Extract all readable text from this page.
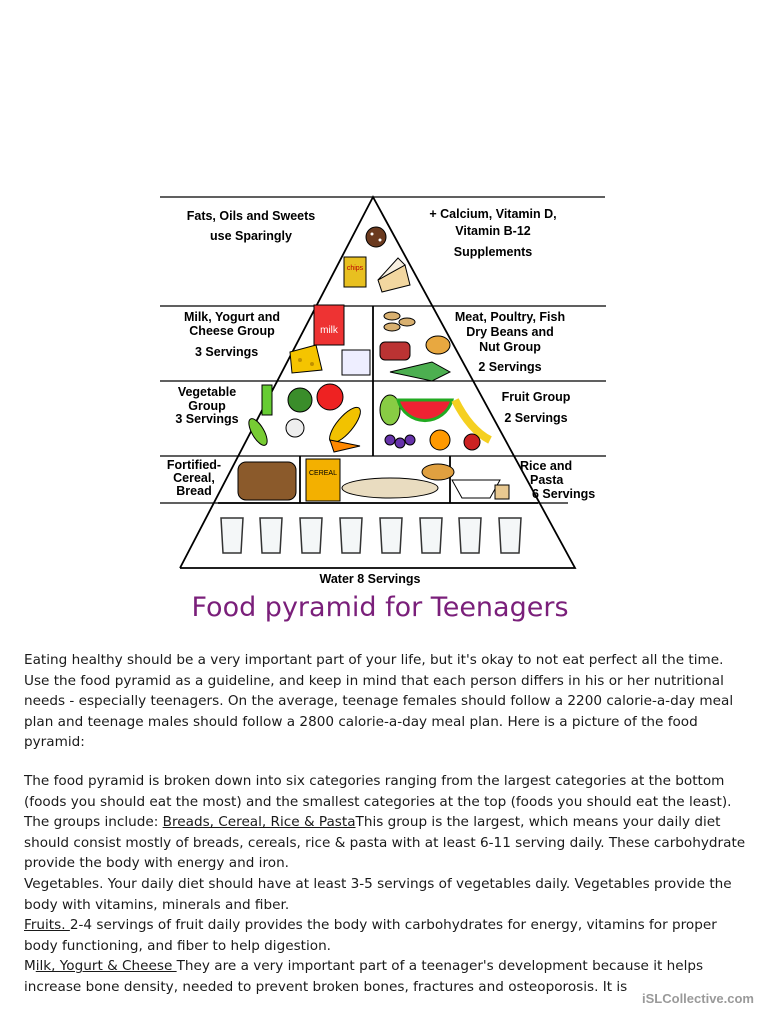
chips
milk
CEREAL
Fats, Oils and Sweets
use Sparingly
+ Calcium, Vitamin D,
Vitamin B-12
Supplements
Milk, Yogurt and
Cheese Group
3 Servings
Meat, Poultry, Fish
Dry Beans and
Nut Group
2 Servings
Vegetable
Group
3 Servings
Fruit Group
2 Servings
Fortified-
Cereal,
Bread
Rice and
Pasta
6 Servings
Water 8 Servings
Food pyramid for Teenagers

Eating healthy should be a very important part of your life, but it's okay to not eat perfect all the time. Use the food pyramid as a guideline, and keep in mind that each person differs in his or her nutritional needs - especially teenagers. On the average, teenage females should follow a 2200 calorie-a-day meal plan and teenage males should follow a 2800 calorie-a-day meal plan. Here is a picture of the food pyramid:

The food pyramid is broken down into six categories ranging from the largest categories at the bottom (foods you should eat the most) and the smallest categories at the top (foods you should eat the least). The groups include: Breads, Cereal, Rice & PastaThis group is the largest, which means your daily diet should consist mostly of breads, cereals, rice & pasta with at least 6-11 serving daily. These carbohydrate provide the body with energy and iron.

Vegetables. Your daily diet should have at least 3-5 servings of vegetables daily. Vegetables provide the body with vitamins, minerals and fiber.

Fruits. 2-4 servings of fruit daily provides the body with carbohydrates for energy, vitamins for proper body functioning, and fiber to help digestion.

Milk, Yogurt & Cheese They are a very important part of a teenager's development because it helps increase bone density, needed to prevent broken bones, fractures and osteoporosis. It is

iSLCollective.com
